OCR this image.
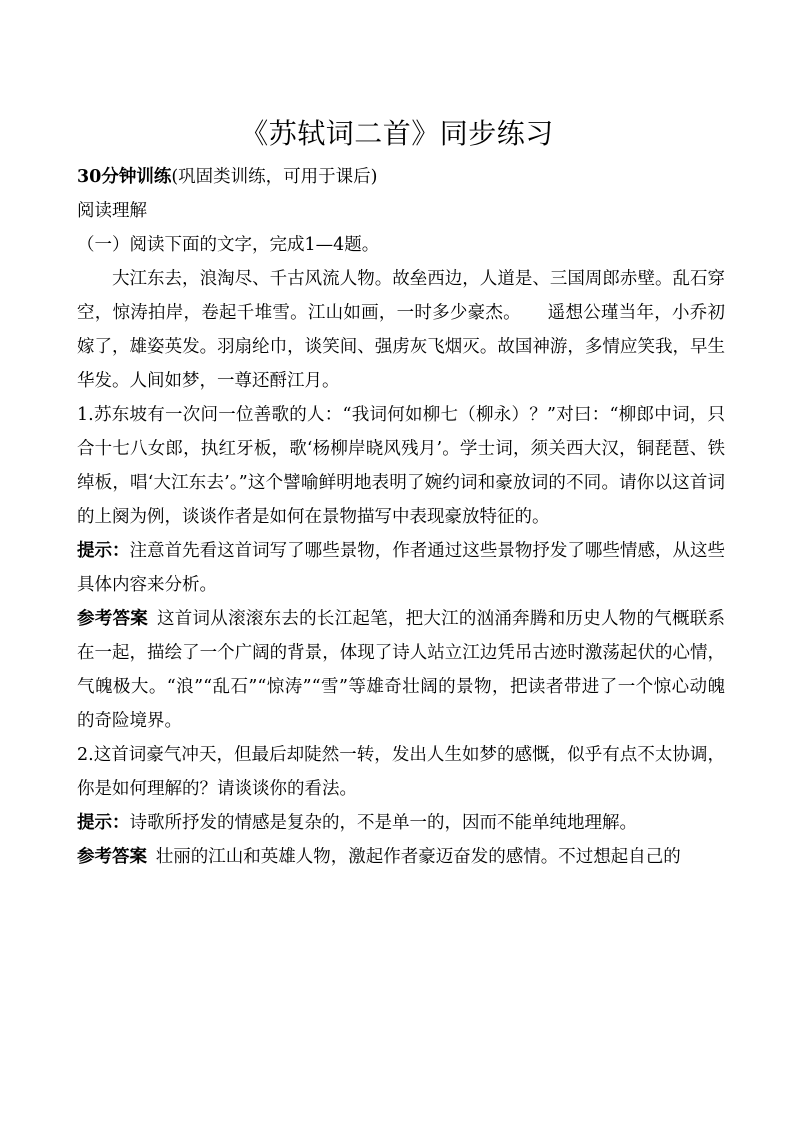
《苏轼词二首》同步练习

30分钟训练(巩固类训练，可用于课后)

阅读理解

（一）阅读下面的文字，完成1—4题。

大江东去，浪淘尽、千古风流人物。故垒西边，人道是、三国周郎赤壁。乱石穿空，惊涛拍岸，卷起千堆雪。江山如画，一时多少豪杰。　　遥想公瑾当年，小乔初嫁了，雄姿英发。羽扇纶巾，谈笑间、强虏灰飞烟灭。故国神游，多情应笑我，早生华发。人间如梦，一尊还酹江月。

1.苏东坡有一次问一位善歌的人：“我词何如柳七（柳永）？”对曰：“柳郎中词，只合十七八女郎，执红牙板，歌‘杨柳岸晓风残月’。学士词，须关西大汉，铜琵琶、铁绰板，唱‘大江东去’。”这个譬喻鲜明地表明了婉约词和豪放词的不同。请你以这首词的上阕为例，谈谈作者是如何在景物描写中表现豪放特征的。

提示：注意首先看这首词写了哪些景物，作者通过这些景物抒发了哪些情感，从这些具体内容来分析。

参考答案  这首词从滚滚东去的长江起笔，把大江的汹涌奔腾和历史人物的气概联系在一起，描绘了一个广阔的背景，体现了诗人站立江边凭吊古迹时激荡起伏的心情，气魄极大。“浪”“乱石”“惊涛”“雪”等雄奇壮阔的景物，把读者带进了一个惊心动魄的奇险境界。

2.这首词豪气冲天，但最后却陡然一转，发出人生如梦的感慨，似乎有点不太协调，你是如何理解的？请谈谈你的看法。

提示：诗歌所抒发的情感是复杂的，不是单一的，因而不能单纯地理解。

参考答案  壮丽的江山和英雄人物，激起作者豪迈奋发的感情。不过想起自己的
